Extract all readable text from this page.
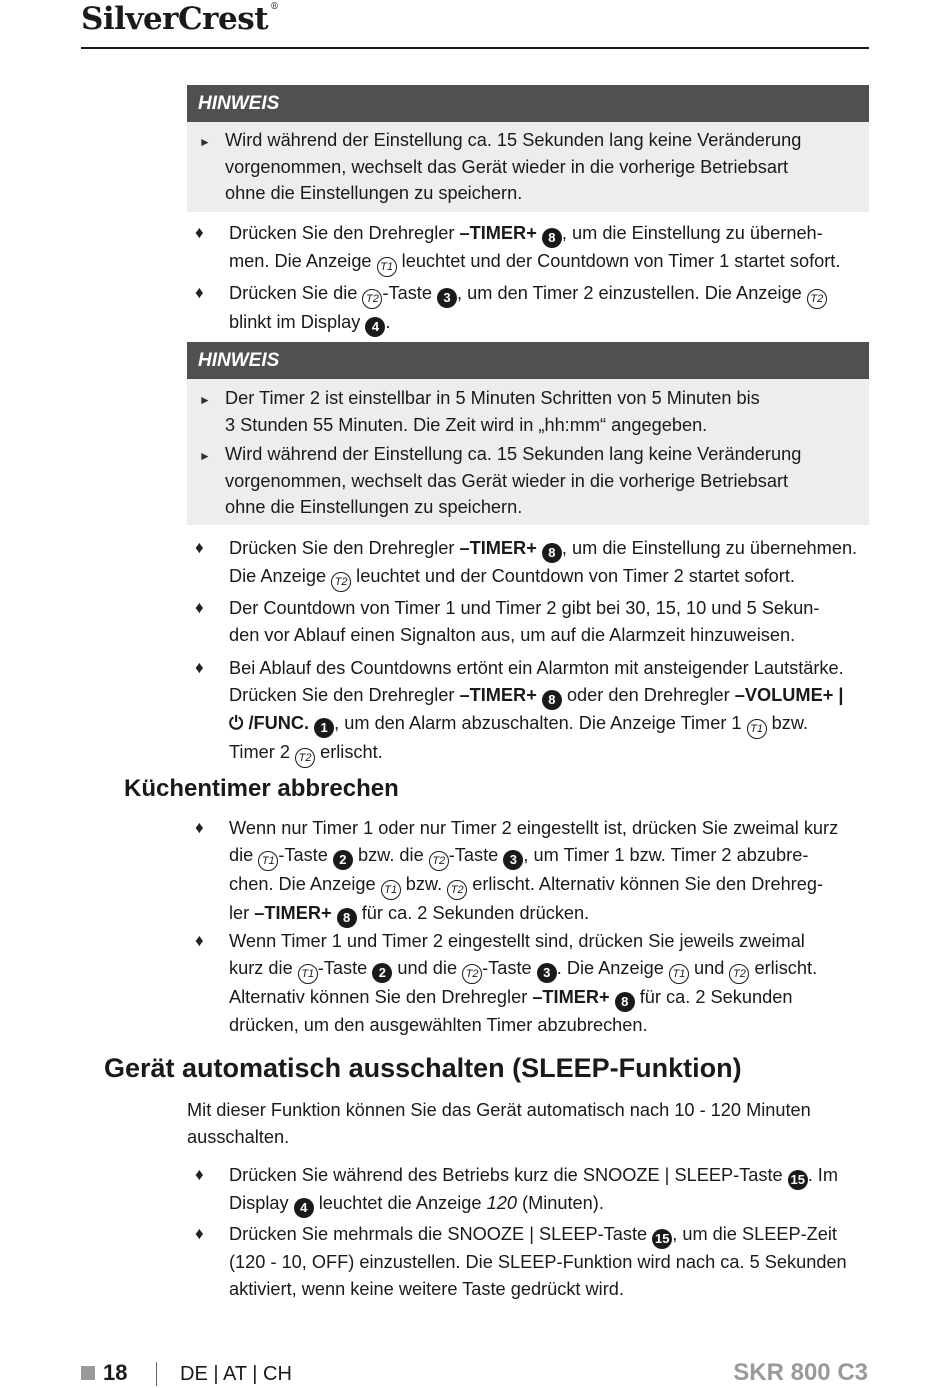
SilverCrest ®
HINWEIS
► Wird während der Einstellung ca. 15 Sekunden lang keine Veränderung
vorgenommen, wechselt das Gerät wieder in die vorherige Betriebsart
ohne die Einstellungen zu speichern.
♦ Drücken Sie den Drehregler –TIMER+ 8 , um die Einstellung zu überneh-
men. Die Anzeige T1 leuchtet und der Countdown von Timer 1 startet sofort.
♦ Drücken Sie die T2 -Taste 3 , um den Timer 2 einzustellen. Die Anzeige T2
blinkt im Display 4 .
HINWEIS
► Der Timer 2 ist einstellbar in 5 Minuten Schritten von 5 Minuten bis
3 Stunden 55 Minuten. Die Zeit wird in „hh:mm“ angegeben.
► Wird während der Einstellung ca. 15 Sekunden lang keine Veränderung
vorgenommen, wechselt das Gerät wieder in die vorherige Betriebsart
ohne die Einstellungen zu speichern.
♦ Drücken Sie den Drehregler –TIMER+ 8 , um die Einstellung zu übernehmen.
Die Anzeige T2 leuchtet und der Countdown von Timer 2 startet sofort.
♦ Der Countdown von Timer 1 und Timer 2 gibt bei 30, 15, 10 und 5 Sekun-
den vor Ablauf einen Signalton aus, um auf die Alarmzeit hinzuweisen.
♦ Bei Ablauf des Countdowns ertönt ein Alarmton mit ansteigender Lautstärke.
Drücken Sie den Drehregler –TIMER+ 8 oder den Drehregler –VOLUME+ |
⏻ /FUNC. 1 , um den Alarm abzuschalten. Die Anzeige Timer 1 T1 bzw.
Timer 2 T2 erlischt.
Küchentimer abbrechen
♦ Wenn nur Timer 1 oder nur Timer 2 eingestellt ist, drücken Sie zweimal kurz
die T1 -Taste 2 bzw. die T2 -Taste 3 , um Timer 1 bzw. Timer 2 abzubre-
chen. Die Anzeige T1 bzw. T2 erlischt. Alternativ können Sie den Drehreg-
ler –TIMER+ 8 für ca. 2 Sekunden drücken.
♦ Wenn Timer 1 und Timer 2 eingestellt sind, drücken Sie jeweils zweimal
kurz die T1 -Taste 2 und die T2 -Taste 3 . Die Anzeige T1 und T2 erlischt.
Alternativ können Sie den Drehregler –TIMER+ 8 für ca. 2 Sekunden
drücken, um den ausgewählten Timer abzubrechen.
Gerät automatisch ausschalten (SLEEP-Funktion)
Mit dieser Funktion können Sie das Gerät automatisch nach 10 - 120 Minuten
ausschalten.
♦ Drücken Sie während des Betriebs kurz die SNOOZE | SLEEP-Taste 15 . Im
Display 4 leuchtet die Anzeige 120 (Minuten).
♦ Drücken Sie mehrmals die SNOOZE | SLEEP-Taste 15 , um die SLEEP-Zeit
(120 - 10, OFF) einzustellen. Die SLEEP-Funktion wird nach ca. 5 Sekunden
aktiviert, wenn keine weitere Taste gedrückt wird.
18	DE | AT | CH	SKR 800 C3
